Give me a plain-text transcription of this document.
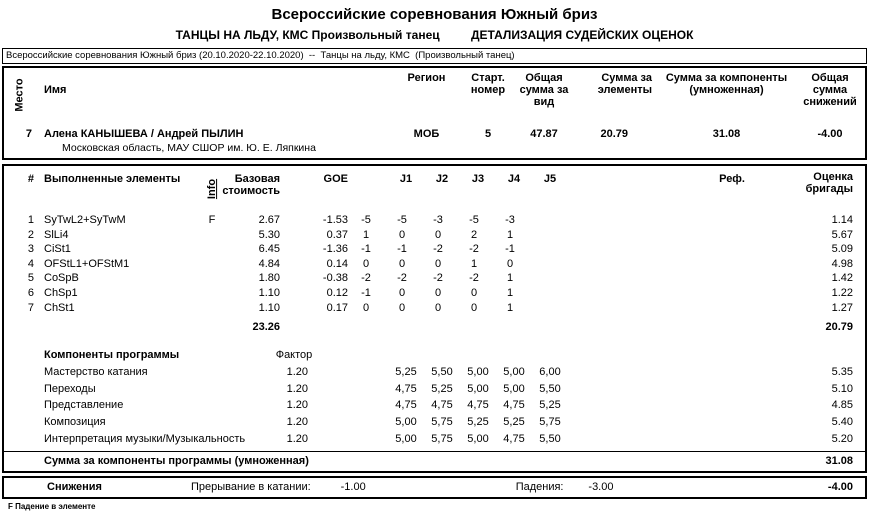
Всероссийские соревнования Южный бриз
ТАНЦЫ НА ЛЬДУ, КМС Произвольный танец	ДЕТАЛИЗАЦИЯ СУДЕЙСКИХ ОЦЕНОК
Всероссийские соревнования Южный бриз (20.10.2020-22.10.2020)  --  Танцы на льду, КМС  (Произвольный танец)
Место	Имя
Регион	Старт. номер
Общая сумма за вид
Сумма за элементы
Сумма за компоненты (умноженная)
Общая сумма снижений
7	Алена КАНЫШЕВА / Андрей ПЫЛИН	МОБ	5	47.87	20.79	31.08	-4.00
Московская область, МАУ СШОР им. Ю. Е. Ляпкина
# Выполненные элементы	Info	Базовая стоимость
GOE	J1	J2	J3	J4	J5	Реф.	Оценка бригады
1 SyTwL2+SyTwM	F	2.67	-1.53	-5	-5	-3	-5	-3	1.14
2 SlLi4	5.30	0.37	1	0	0	2	1	5.67
3 CiSt1	6.45	-1.36	-1	-1	-2	-2	-1	5.09
4 OFStL1+OFStM1	4.84	0.14	0	0	0	1	0	4.98
5 CoSpB	1.80	-0.38	-2	-2	-2	-2	1	1.42
6 ChSp1	1.10	0.12	-1	0	0	0	1	1.22
7 ChSt1	1.10	0.17	0	0	0	0	1	1.27
23.26	20.79
Компоненты программы	Фактор
Мастерство катания	1.20	5,25	5,50	5,00	5,00	6,00	5.35
Переходы	1.20	4,75	5,25	5,00	5,00	5,50	5.10
Представление	1.20	4,75	4,75	4,75	4,75	5,25	4.85
Композиция	1.20	5,00	5,75	5,25	5,25	5,75	5.40
Интерпретация музыки/Музыкальность	1.20	5,00	5,75	5,00	4,75	5,50	5.20
Сумма за компоненты программы (умноженная)	31.08
Снижения	Прерывание в катании:	-1.00	Падения:	-3.00	-4.00
F Падение в элементе
